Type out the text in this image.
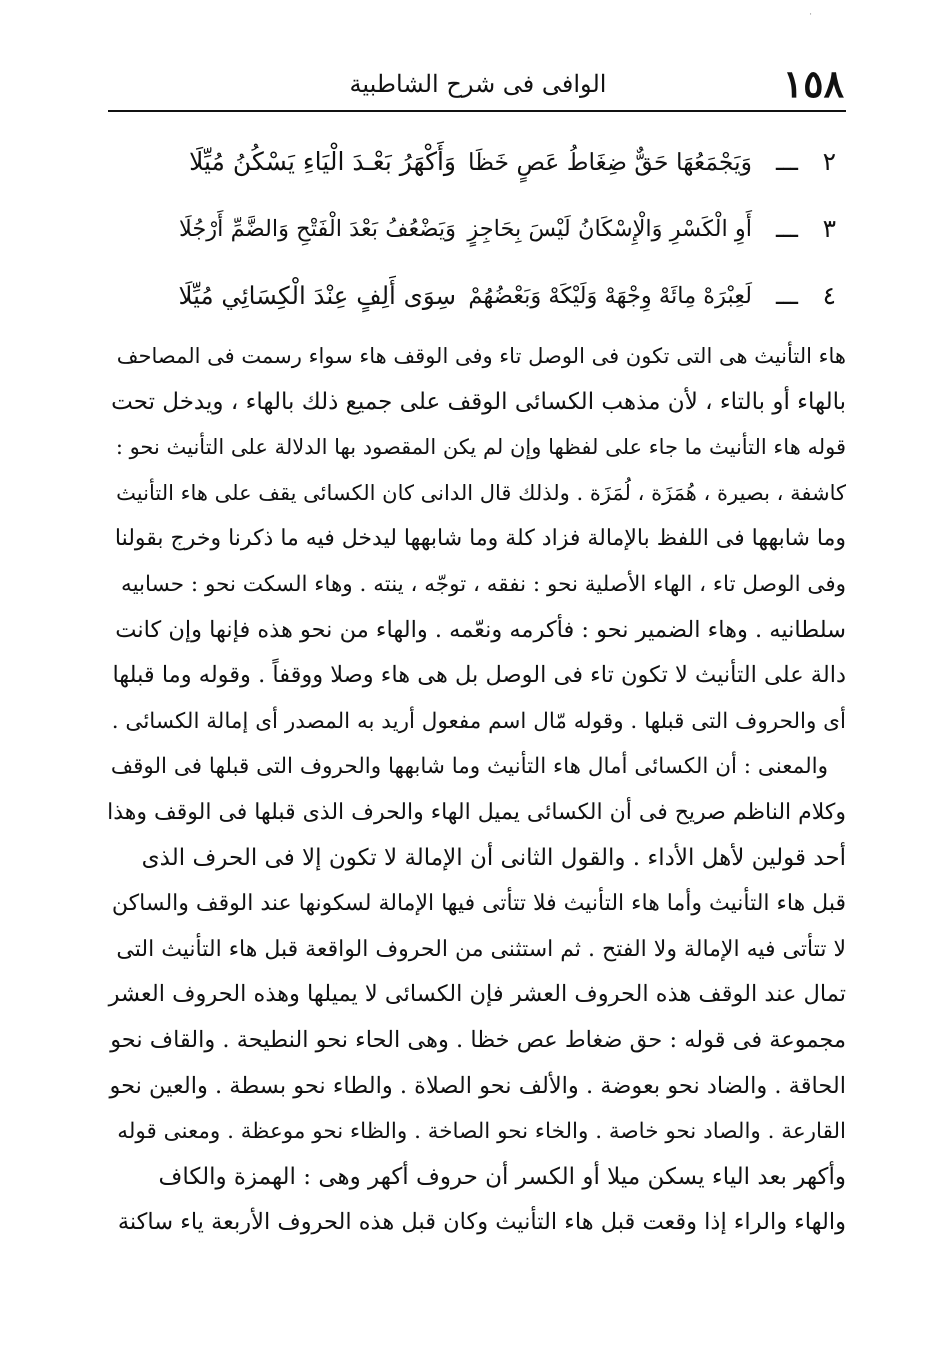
·
١٥٨
الوافى فى شرح الشاطبية
٢
ـــ
وَيَجْمَعُهَا حَقٌّ ضِغَاطُ عَصٍ خَظَا
وَأَكْهَرُ بَعْـدَ الْيَاءِ يَسْكُنُ مُيِّلَا
٣
ـــ
أَوِ الْكَسْرِ وَالْإِسْكَانُ لَيْسَ بِحَاجِزٍ
وَيَضْعُفُ بَعْدَ الْفَتْحِ وَالضَّمِّ أَرْجُلَا
٤
ـــ
لَعِبْرَهْ مِائَهْ وِجْهَهْ وَلَيْكَهْ وَبَعْضُهُمْ
سِوَى أَلِفٍ عِنْدَ الْكِسَائِي مُيِّلَا
هاء التأنيث هى التى تكون فى الوصل تاء وفى الوقف هاء سواء رسمت فى المصاحف
بالهاء أو بالتاء ، لأن مذهب الكسائى الوقف على جميع ذلك بالهاء ، ويدخل تحت
قوله هاء التأنيث ما جاء على لفظها وإن لم يكن المقصود بها الدلالة على التأنيث نحو :
كاشفة ، بصيرة ، هُمَزَة ، لُمَزَة . ولذلك قال الدانى كان الكسائى يقف على هاء التأنيث
وما شابهها فى اللفظ بالإمالة فزاد كلة وما شابهها ليدخل فيه ما ذكرنا وخرج بقولنا
وفى الوصل تاء ، الهاء الأصلية نحو : نفقه ، توجّه ، ينته . وهاء السكت نحو : حسابيه
سلطانيه . وهاء الضمير نحو : فأكرمه ونعّمه . والهاء من نحو هذه فإنها وإن كانت
دالة على التأنيث لا تكون تاء فى الوصل بل هى هاء وصلا ووقفاً . وقوله وما قبلها
أى والحروف التى قبلها . وقوله مّال اسم مفعول أريد به المصدر أى إمالة الكسائى .
والمعنى : أن الكسائى أمال هاء التأنيث وما شابهها والحروف التى قبلها فى الوقف
وكلام الناظم صريح فى أن الكسائى يميل الهاء والحرف الذى قبلها فى الوقف وهذا
أحد قولين لأهل الأداء . والقول الثانى أن الإمالة لا تكون إلا فى الحرف الذى
قبل هاء التأنيث وأما هاء التأنيث فلا تتأتى فيها الإمالة لسكونها عند الوقف والساكن
لا تتأتى فيه الإمالة ولا الفتح . ثم استثنى من الحروف الواقعة قبل هاء التأنيث التى
تمال عند الوقف هذه الحروف العشر فإن الكسائى لا يميلها وهذه الحروف العشر
مجموعة فى قوله : حق ضغاط عص خظا . وهى الحاء نحو النطيحة . والقاف نحو
الحاقة . والضاد نحو بعوضة . والألف نحو الصلاة . والطاء نحو بسطة . والعين نحو
القارعة . والصاد نحو خاصة . والخاء نحو الصاخة . والظاء نحو موعظة . ومعنى قوله
وأكهر بعد الياء يسكن ميلا أو الكسر أن حروف أكهر وهى : الهمزة والكاف
والهاء والراء إذا وقعت قبل هاء التأنيث وكان قبل هذه الحروف الأربعة ياء ساكنة
